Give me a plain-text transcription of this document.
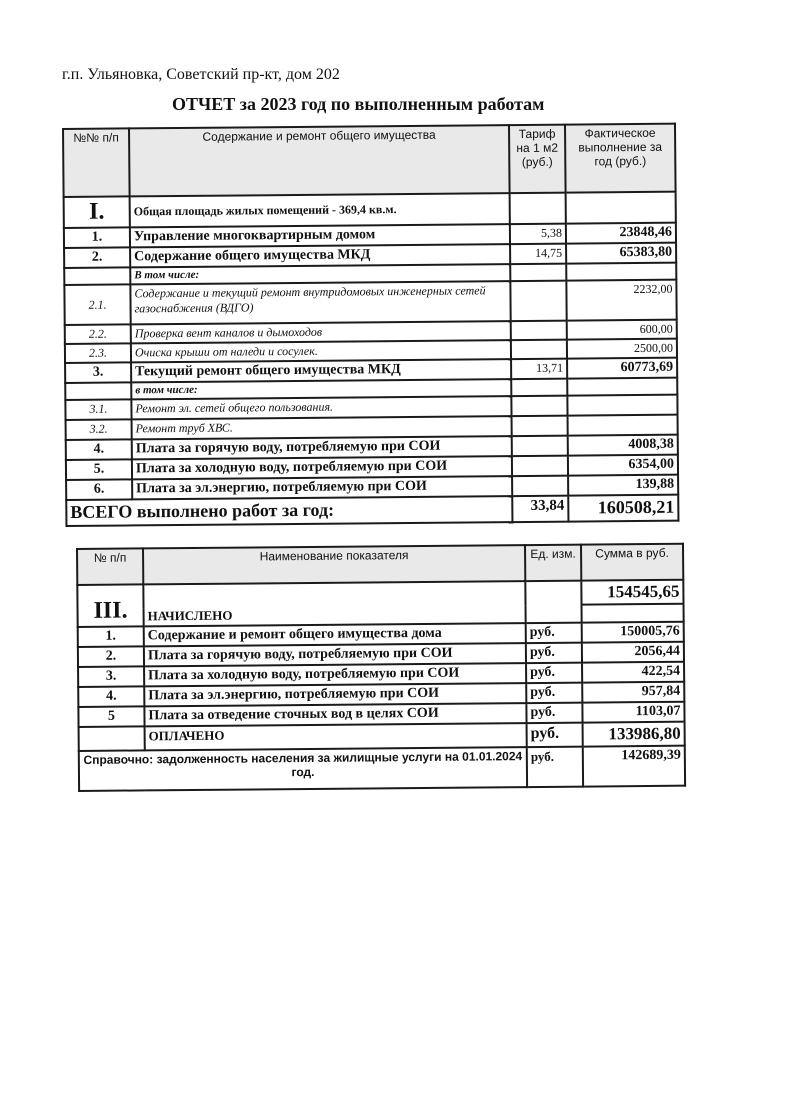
г.п. Ульяновка, Советский пр-кт, дом 202
ОТЧЕТ за 2023 год по выполненным работам
№№ п/п	Содержание и ремонт общего имущества	Тариф на 1 м2 (руб.)	Фактическое выполнение за год (руб.)
I.	Общая площадь жилых помещений - 369,4 кв.м.		
1.	Управление многоквартирным домом	5,38	23848,46
2.	Содержание общего имущества МКД	14,75	65383,80
	В том числе:		
2.1.	Содержание и текущий ремонт внутридомовых инженерных сетей газоснабжения (ВДГО)		2232,00
2.2.	Проверка вент каналов и дымоходов		600,00
2.3.	Очиска крыши от наледи и сосулек.		2500,00
3.	Текущий ремонт общего имущества МКД	13,71	60773,69
	в том числе:		
3.1.	Ремонт эл. сетей общего пользования.		
3.2.	Ремонт труб ХВС.		
4.	Плата за горячую воду, потребляемую при СОИ		4008,38
5.	Плата за холодную воду, потребляемую при СОИ		6354,00
6.	Плата за эл.энергию, потребляемую при СОИ		139,88
ВСЕГО выполнено работ за год:		33,84	160508,21
№ п/п	Наименование показателя	Ед. изм.	Сумма в руб.
III.	НАЧИСЛЕНО		154545,65

1.	Содержание и ремонт общего имущества дома	руб.	150005,76
2.	Плата за горячую воду, потребляемую при СОИ	руб.	2056,44
3.	Плата за холодную воду, потребляемую при СОИ	руб.	422,54
4.	Плата за эл.энергию, потребляемую при СОИ	руб.	957,84
5	Плата за отведение сточных вод в целях СОИ	руб.	1103,07
	ОПЛАЧЕНО	руб.	133986,80
Справочно: задолженность населения за жилищные услуги на 01.01.2024 год.		руб.	142689,39
